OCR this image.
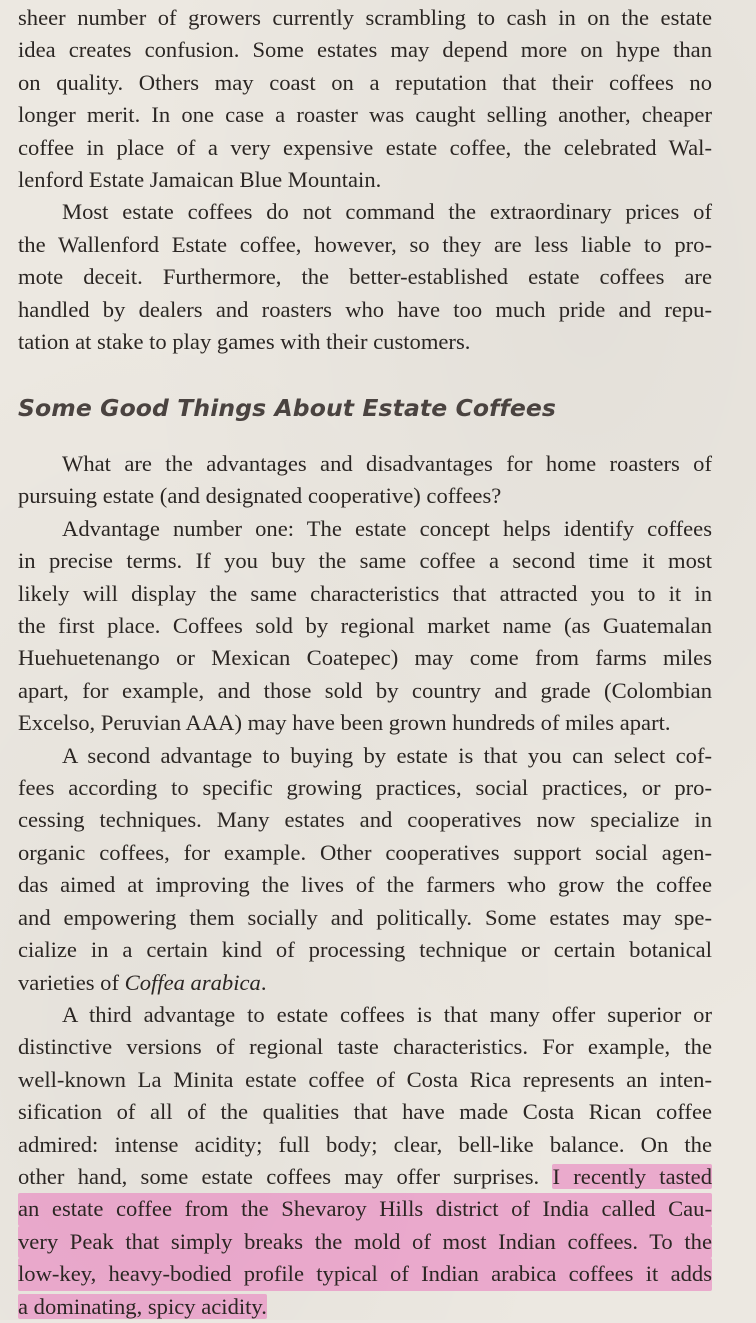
sheer number of growers currently scrambling to cash in on the estate
idea creates confusion. Some estates may depend more on hype than
on quality. Others may coast on a reputation that their coffees no
longer merit. In one case a roaster was caught selling another, cheaper
coffee in place of a very expensive estate coffee, the celebrated Wal-
lenford Estate Jamaican Blue Mountain.

Most estate coffees do not command the extraordinary prices of
the Wallenford Estate coffee, however, so they are less liable to pro-
mote deceit. Furthermore, the better-established estate coffees are
handled by dealers and roasters who have too much pride and repu-
tation at stake to play games with their customers.

Some Good Things About Estate Coffees

What are the advantages and disadvantages for home roasters of
pursuing estate (and designated cooperative) coffees?

Advantage number one: The estate concept helps identify coffees
in precise terms. If you buy the same coffee a second time it most
likely will display the same characteristics that attracted you to it in
the first place. Coffees sold by regional market name (as Guatemalan
Huehuetenango or Mexican Coatepec) may come from farms miles
apart, for example, and those sold by country and grade (Colombian
Excelso, Peruvian AAA) may have been grown hundreds of miles apart.

A second advantage to buying by estate is that you can select cof-
fees according to specific growing practices, social practices, or pro-
cessing techniques. Many estates and cooperatives now specialize in
organic coffees, for example. Other cooperatives support social agen-
das aimed at improving the lives of the farmers who grow the coffee
and empowering them socially and politically. Some estates may spe-
cialize in a certain kind of processing technique or certain botanical
varieties of Coffea arabica.

A third advantage to estate coffees is that many offer superior or
distinctive versions of regional taste characteristics. For example, the
well-known La Minita estate coffee of Costa Rica represents an inten-
sification of all of the qualities that have made Costa Rican coffee
admired: intense acidity; full body; clear, bell-like balance. On the
other hand, some estate coffees may offer surprises. I recently tasted
an estate coffee from the Shevaroy Hills district of India called Cau-
very Peak that simply breaks the mold of most Indian coffees. To the
low-key, heavy-bodied profile typical of Indian arabica coffees it adds
a dominating, spicy acidity.
